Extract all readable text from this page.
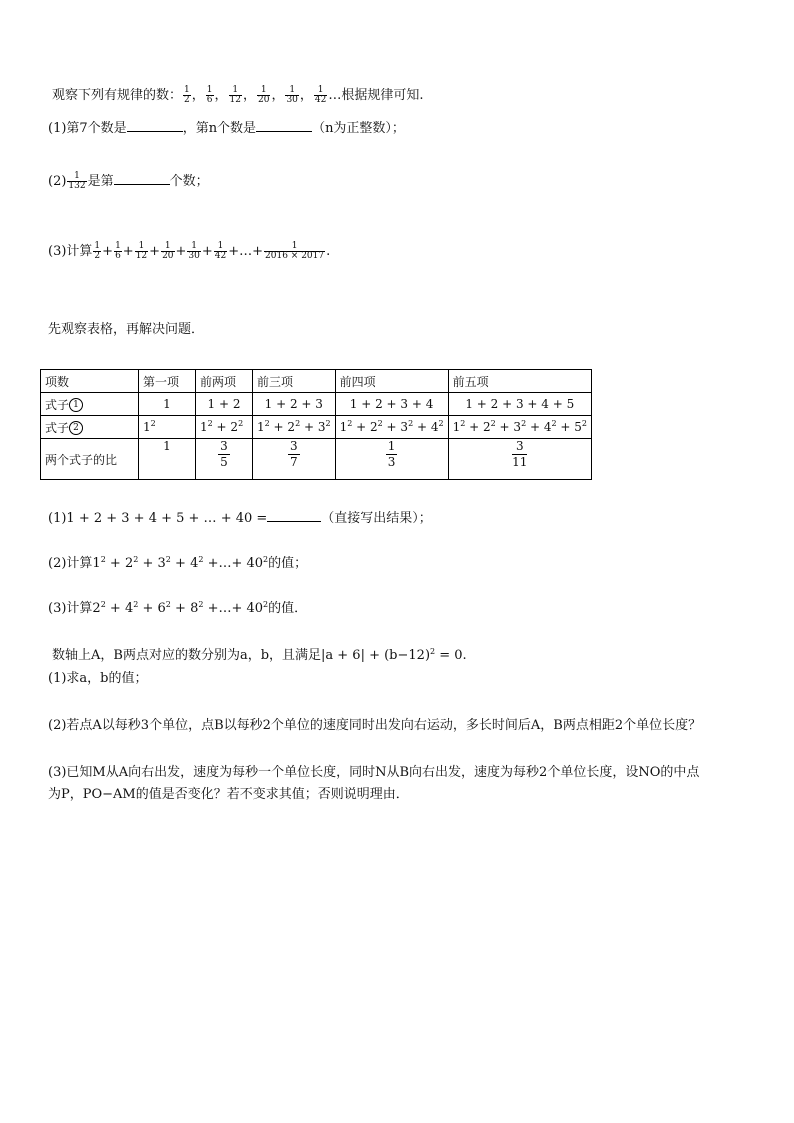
观察下列有规律的数： $\frac{1}{2}$ ， $\frac{1}{6}$ ， $\frac{1}{12}$ ， $\frac{1}{20}$ ， $\frac{1}{30}$ ， $\frac{1}{42}$ …根据规律可知.
(1)第7个数是	，第n个数是	（n为正整数）；
$(2) \frac{1}{132}$ 是第	个数；
(3)计算 $\frac{1}{2} + \frac{1}{6} + \frac{1}{12} + \frac{1}{20} + \frac{1}{30} + \frac{1}{42}$ +…+ $\frac{1}{2016 \times 2017}$ .
先观察表格，再解决问题．
项数	第一项	前两项	前三项	前四项	前五项
式子 1	1	1 + 2	1 + 2 + 3	1 + 2 + 3 + 4	1 + 2 + 3 + 4 + 5
式子 2	$1^2$	$1^2 + 2^2$	$1^2 + 2^2 + 3^2$	$1^2 + 2^2 + 3^2 + 4^2$	$1^2 + 2^2 + 3^2 + 4^2 + 5^2$
两个式子的比	1	$\frac{3}{5}$	$\frac{3}{7}$	$\frac{1}{3}$	$\frac{3}{11}$
(1)1 + 2 + 3 + 4 + 5 + … + 40 =	（直接写出结果）；
(2)计算$1^2 + 2^2 + 3^2 + 4^2$ +…+ $40^2$的值；
(3)计算$2^2 + 4^2 + 6^2 + 8^2$ +…+ $40^2$的值．
数轴上A，B两点对应的数分别为a，b，且满足$|a + 6| + (b-12)^2 = 0$.
(1)求a，b的值；
(2)若点A以每秒3个单位，点B以每秒2个单位的速度同时出发向右运动，多长时间后A，B两点相距2个单位长度？
(3)已知M从A向右出发，速度为每秒一个单位长度，同时N从B向右出发，速度为每秒2个单位长度，设NO的中点
为P，PO−AM的值是否变化？若不变求其值；否则说明理由．
